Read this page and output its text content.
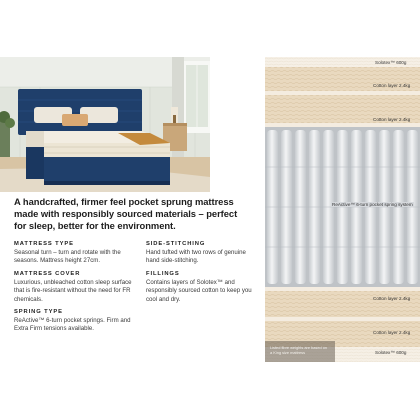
A handcrafted, firmer feel pocket sprung mattress made with responsibly sourced materials – perfect for sleep, better for the environment.
MATTRESS TYPE
Seasonal turn – turn and rotate with the seasons. Mattress height 27cm.
MATTRESS COVER
Luxurious, unbleached cotton sleep surface that is fire-resistant without the need for FR chemicals.
SPRING TYPE
ReActive™ 6-turn pocket springs. Firm and Extra Firm tensions available.
SIDE-STITCHING
Hand tufted with two rows of genuine hand side-stitching.
FILLINGS
Contains layers of Solotex™ and responsibly sourced cotton to keep you cool and dry.
Solotex™ 600g
Cotton layer 2.4kg
Cotton layer 2.4kg
ReActive™ 6-turn pocket spring system
Cotton layer 2.4kg
Cotton layer 2.4kg
Solotex™ 600g
Listed fibre weights are based on a King size mattress
